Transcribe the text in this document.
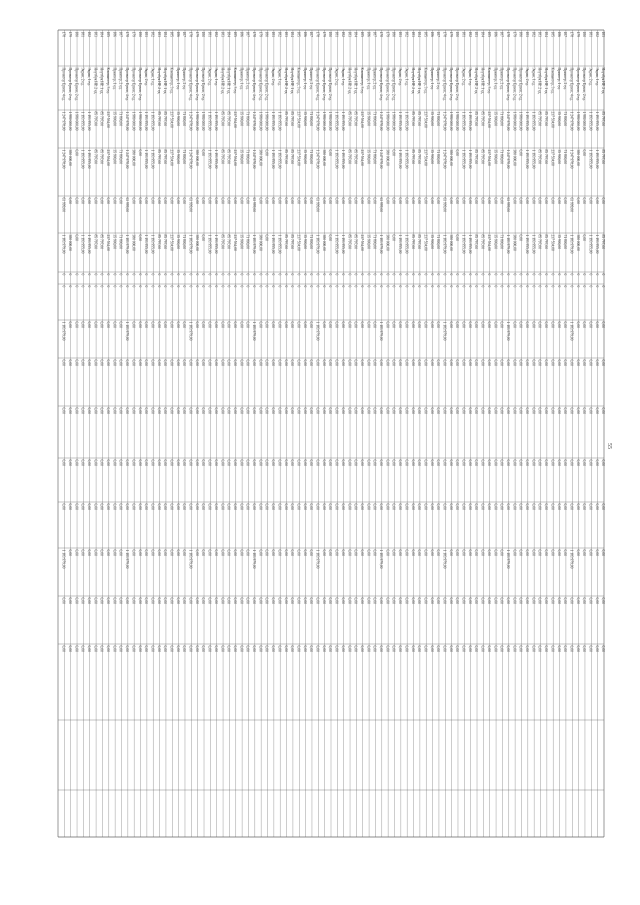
178
Проектор Epson, 4 ед.
1 247 978,00
1 247 978,00
63 999,00
1 183 979,00
0
0
1 183 979,00
0,00
0,00
0,00
0,00
1 183 979,00
0,00
0,00
179
Проектор Epson, 2 ед.
1 980 000,00
380 000,00
0,00
380 000,00
0
0
0,00
0,00
0,00
0,00
0,00
0,00
0,00
0,00
180
Проектор Epson, 2 ед.
1 980 000,00
0,00
0,00
0,00
0
0
0,00
0,00
0,00
0,00
0,00
0,00
0,00
0,00
181
Экран, 2 ед.
1 193 955,00
1 193 955,00
0,00
1 193 955,00
0
0
0,00
0,00
0,00
0,00
0,00
0,00
0,00
0,00
182
Экран, 1 ед.
1 193 955,00
1 193 955,00
0,00
1 193 955,00
0
0
0,00
0,00
0,00
0,00
0,00
0,00
0,00
0,00
183
Ноутбук HP, 2 ед.
85 797,00
85 797,00
0,00
85 797,00
0
0
0,00
0,00
0,00
0,00
0,00
0,00
0,00
0,00
184
Ноутбук HP, 1 ед.
85 797,00
85 797,00
0,00
85 797,00
0
0
0,00
0,00
0,00
0,00
0,00
0,00
0,00
0,00
185
Компьютер, 3 ед.
237 534,00
237 534,00
0,00
237 534,00
0
0
0,00
0,00
0,00
0,00
0,00
0,00
0,00
0,00
186
Принтер, 1 ед.
35 900,00
35 900,00
0,00
35 900,00
0
0
0,00
0,00
0,00
0,00
0,00
0,00
0,00
0,00
187
Принтер, 2 ед.
71 800,00
71 800,00
0,00
71 800,00
0
0
0,00
0,00
0,00
0,00
0,00
0,00
0,00
0,00
178
Проектор Epson, 4 ед.
1 247 978,00
1 247 978,00
63 999,00
1 183 979,00
0
0
1 183 979,00
0,00
0,00
0,00
0,00
1 183 979,00
0,00
0,00
179
Проектор Epson, 2 ед.
1 980 000,00
380 000,00
0,00
380 000,00
0
0
0,00
0,00
0,00
0,00
0,00
0,00
0,00
0,00
180
Проектор Epson, 2 ед.
1 980 000,00
0,00
0,00
0,00
0
0
0,00
0,00
0,00
0,00
0,00
0,00
0,00
0,00
181
Экран, 2 ед.
1 193 955,00
1 193 955,00
0,00
1 193 955,00
0
0
0,00
0,00
0,00
0,00
0,00
0,00
0,00
0,00
182
Экран, 1 ед.
1 193 955,00
1 193 955,00
0,00
1 193 955,00
0
0
0,00
0,00
0,00
0,00
0,00
0,00
0,00
0,00
183
Ноутбук HP, 2 ед.
85 797,00
85 797,00
0,00
85 797,00
0
0
0,00
0,00
0,00
0,00
0,00
0,00
0,00
0,00
184
Ноутбук HP, 1 ед.
85 797,00
85 797,00
0,00
85 797,00
0
0
0,00
0,00
0,00
0,00
0,00
0,00
0,00
0,00
185
Компьютер, 3 ед.
237 534,00
237 534,00
0,00
237 534,00
0
0
0,00
0,00
0,00
0,00
0,00
0,00
0,00
0,00
186
Принтер, 1 ед.
35 900,00
35 900,00
0,00
35 900,00
0
0
0,00
0,00
0,00
0,00
0,00
0,00
0,00
0,00
187
Принтер, 2 ед.
71 800,00
71 800,00
0,00
71 800,00
0
0
0,00
0,00
0,00
0,00
0,00
0,00
0,00
0,00
178
Проектор Epson, 4 ед.
1 247 978,00
1 247 978,00
63 999,00
1 183 979,00
0
0
1 183 979,00
0,00
0,00
0,00
0,00
1 183 979,00
0,00
0,00
179
Проектор Epson, 2 ед.
1 980 000,00
380 000,00
0,00
380 000,00
0
0
0,00
0,00
0,00
0,00
0,00
0,00
0,00
0,00
180
Проектор Epson, 2 ед.
1 980 000,00
0,00
0,00
0,00
0
0
0,00
0,00
0,00
0,00
0,00
0,00
0,00
0,00
181
Экран, 2 ед.
1 193 955,00
1 193 955,00
0,00
1 193 955,00
0
0
0,00
0,00
0,00
0,00
0,00
0,00
0,00
0,00
182
Экран, 1 ед.
1 193 955,00
1 193 955,00
0,00
1 193 955,00
0
0
0,00
0,00
0,00
0,00
0,00
0,00
0,00
0,00
183
Ноутбук HP, 2 ед.
85 797,00
85 797,00
0,00
85 797,00
0
0
0,00
0,00
0,00
0,00
0,00
0,00
0,00
0,00
184
Ноутбук HP, 1 ед.
85 797,00
85 797,00
0,00
85 797,00
0
0
0,00
0,00
0,00
0,00
0,00
0,00
0,00
0,00
185
Компьютер, 3 ед.
237 534,00
237 534,00
0,00
237 534,00
0
0
0,00
0,00
0,00
0,00
0,00
0,00
0,00
0,00
186
Принтер, 1 ед.
35 900,00
35 900,00
0,00
35 900,00
0
0
0,00
0,00
0,00
0,00
0,00
0,00
0,00
0,00
187
Принтер, 2 ед.
71 800,00
71 800,00
0,00
71 800,00
0
0
0,00
0,00
0,00
0,00
0,00
0,00
0,00
0,00
178
Проектор Epson, 4 ед.
1 247 978,00
1 247 978,00
63 999,00
1 183 979,00
0
0
1 183 979,00
0,00
0,00
0,00
0,00
1 183 979,00
0,00
0,00
179
Проектор Epson, 2 ед.
1 980 000,00
380 000,00
0,00
380 000,00
0
0
0,00
0,00
0,00
0,00
0,00
0,00
0,00
0,00
180
Проектор Epson, 2 ед.
1 980 000,00
0,00
0,00
0,00
0
0
0,00
0,00
0,00
0,00
0,00
0,00
0,00
0,00
181
Экран, 2 ед.
1 193 955,00
1 193 955,00
0,00
1 193 955,00
0
0
0,00
0,00
0,00
0,00
0,00
0,00
0,00
0,00
182
Экран, 1 ед.
1 193 955,00
1 193 955,00
0,00
1 193 955,00
0
0
0,00
0,00
0,00
0,00
0,00
0,00
0,00
0,00
183
Ноутбук HP, 2 ед.
85 797,00
85 797,00
0,00
85 797,00
0
0
0,00
0,00
0,00
0,00
0,00
0,00
0,00
0,00
184
Ноутбук HP, 1 ед.
85 797,00
85 797,00
0,00
85 797,00
0
0
0,00
0,00
0,00
0,00
0,00
0,00
0,00
0,00
185
Компьютер, 3 ед.
237 534,00
237 534,00
0,00
237 534,00
0
0
0,00
0,00
0,00
0,00
0,00
0,00
0,00
0,00
186
Принтер, 1 ед.
35 900,00
35 900,00
0,00
35 900,00
0
0
0,00
0,00
0,00
0,00
0,00
0,00
0,00
0,00
187
Принтер, 2 ед.
71 800,00
71 800,00
0,00
71 800,00
0
0
0,00
0,00
0,00
0,00
0,00
0,00
0,00
0,00
178
Проектор Epson, 4 ед.
1 247 978,00
1 247 978,00
63 999,00
1 183 979,00
0
0
1 183 979,00
0,00
0,00
0,00
0,00
1 183 979,00
0,00
0,00
179
Проектор Epson, 2 ед.
1 980 000,00
380 000,00
0,00
380 000,00
0
0
0,00
0,00
0,00
0,00
0,00
0,00
0,00
0,00
180
Проектор Epson, 2 ед.
1 980 000,00
0,00
0,00
0,00
0
0
0,00
0,00
0,00
0,00
0,00
0,00
0,00
0,00
181
Экран, 2 ед.
1 193 955,00
1 193 955,00
0,00
1 193 955,00
0
0
0,00
0,00
0,00
0,00
0,00
0,00
0,00
0,00
182
Экран, 1 ед.
1 193 955,00
1 193 955,00
0,00
1 193 955,00
0
0
0,00
0,00
0,00
0,00
0,00
0,00
0,00
0,00
183
Ноутбук HP, 2 ед.
85 797,00
85 797,00
0,00
85 797,00
0
0
0,00
0,00
0,00
0,00
0,00
0,00
0,00
0,00
184
Ноутбук HP, 1 ед.
85 797,00
85 797,00
0,00
85 797,00
0
0
0,00
0,00
0,00
0,00
0,00
0,00
0,00
0,00
185
Компьютер, 3 ед.
237 534,00
237 534,00
0,00
237 534,00
0
0
0,00
0,00
0,00
0,00
0,00
0,00
0,00
0,00
186
Принтер, 1 ед.
35 900,00
35 900,00
0,00
35 900,00
0
0
0,00
0,00
0,00
0,00
0,00
0,00
0,00
0,00
187
Принтер, 2 ед.
71 800,00
71 800,00
0,00
71 800,00
0
0
0,00
0,00
0,00
0,00
0,00
0,00
0,00
0,00
178
Проектор Epson, 4 ед.
1 247 978,00
1 247 978,00
63 999,00
1 183 979,00
0
0
1 183 979,00
0,00
0,00
0,00
0,00
1 183 979,00
0,00
0,00
179
Проектор Epson, 2 ед.
1 980 000,00
380 000,00
0,00
380 000,00
0
0
0,00
0,00
0,00
0,00
0,00
0,00
0,00
0,00
180
Проектор Epson, 2 ед.
1 980 000,00
0,00
0,00
0,00
0
0
0,00
0,00
0,00
0,00
0,00
0,00
0,00
0,00
181
Экран, 2 ед.
1 193 955,00
1 193 955,00
0,00
1 193 955,00
0
0
0,00
0,00
0,00
0,00
0,00
0,00
0,00
0,00
182
Экран, 1 ед.
1 193 955,00
1 193 955,00
0,00
1 193 955,00
0
0
0,00
0,00
0,00
0,00
0,00
0,00
0,00
0,00
183
Ноутбук HP, 2 ед.
85 797,00
85 797,00
0,00
85 797,00
0
0
0,00
0,00
0,00
0,00
0,00
0,00
0,00
0,00
184
Ноутбук HP, 1 ед.
85 797,00
85 797,00
0,00
85 797,00
0
0
0,00
0,00
0,00
0,00
0,00
0,00
0,00
0,00
185
Компьютер, 3 ед.
237 534,00
237 534,00
0,00
237 534,00
0
0
0,00
0,00
0,00
0,00
0,00
0,00
0,00
0,00
186
Принтер, 1 ед.
35 900,00
35 900,00
0,00
35 900,00
0
0
0,00
0,00
0,00
0,00
0,00
0,00
0,00
0,00
187
Принтер, 2 ед.
71 800,00
71 800,00
0,00
71 800,00
0
0
0,00
0,00
0,00
0,00
0,00
0,00
0,00
0,00
178
Проектор Epson, 4 ед.
1 247 978,00
1 247 978,00
63 999,00
1 183 979,00
0
0
1 183 979,00
0,00
0,00
0,00
0,00
1 183 979,00
0,00
0,00
179
Проектор Epson, 2 ед.
1 980 000,00
380 000,00
0,00
380 000,00
0
0
0,00
0,00
0,00
0,00
0,00
0,00
0,00
0,00
180
Проектор Epson, 2 ед.
1 980 000,00
0,00
0,00
0,00
0
0
0,00
0,00
0,00
0,00
0,00
0,00
0,00
0,00
181
Экран, 2 ед.
1 193 955,00
1 193 955,00
0,00
1 193 955,00
0
0
0,00
0,00
0,00
0,00
0,00
0,00
0,00
0,00
182
Экран, 1 ед.
1 193 955,00
1 193 955,00
0,00
1 193 955,00
0
0
0,00
0,00
0,00
0,00
0,00
0,00
0,00
0,00
183
Ноутбук HP, 2 ед.
85 797,00
85 797,00
0,00
85 797,00
0
0
0,00
0,00
0,00
0,00
0,00
0,00
0,00
0,00
184
Ноутбук HP, 1 ед.
85 797,00
85 797,00
0,00
85 797,00
0
0
0,00
0,00
0,00
0,00
0,00
0,00
0,00
0,00
185
Компьютер, 3 ед.
237 534,00
237 534,00
0,00
237 534,00
0
0
0,00
0,00
0,00
0,00
0,00
0,00
0,00
0,00
186
Принтер, 1 ед.
35 900,00
35 900,00
0,00
35 900,00
0
0
0,00
0,00
0,00
0,00
0,00
0,00
0,00
0,00
187
Принтер, 2 ед.
71 800,00
71 800,00
0,00
71 800,00
0
0
0,00
0,00
0,00
0,00
0,00
0,00
0,00
0,00
178
Проектор Epson, 4 ед.
1 247 978,00
1 247 978,00
63 999,00
1 183 979,00
0
0
1 183 979,00
0,00
0,00
0,00
0,00
1 183 979,00
0,00
0,00
179
Проектор Epson, 2 ед.
1 980 000,00
380 000,00
0,00
380 000,00
0
0
0,00
0,00
0,00
0,00
0,00
0,00
0,00
0,00
180
Проектор Epson, 2 ед.
1 980 000,00
0,00
0,00
0,00
0
0
0,00
0,00
0,00
0,00
0,00
0,00
0,00
0,00
181
Экран, 2 ед.
1 193 955,00
1 193 955,00
0,00
1 193 955,00
0
0
0,00
0,00
0,00
0,00
0,00
0,00
0,00
0,00
182
Экран, 1 ед.
1 193 955,00
1 193 955,00
0,00
1 193 955,00
0
0
0,00
0,00
0,00
0,00
0,00
0,00
0,00
0,00
183
Ноутбук HP, 2 ед.
85 797,00
85 797,00
0,00
85 797,00
0
0
0,00
0,00
0,00
0,00
0,00
0,00
0,00
0,00
184
Ноутбук HP, 1 ед.
85 797,00
85 797,00
0,00
85 797,00
0
0
0,00
0,00
0,00
0,00
0,00
0,00
0,00
0,00
185
Компьютер, 3 ед.
237 534,00
237 534,00
0,00
237 534,00
0
0
0,00
0,00
0,00
0,00
0,00
0,00
0,00
0,00
186
Принтер, 1 ед.
35 900,00
35 900,00
0,00
35 900,00
0
0
0,00
0,00
0,00
0,00
0,00
0,00
0,00
0,00
187
Принтер, 2 ед.
71 800,00
71 800,00
0,00
71 800,00
0
0
0,00
0,00
0,00
0,00
0,00
0,00
0,00
0,00
178
Проектор Epson, 4 ед.
1 247 978,00
1 247 978,00
63 999,00
1 183 979,00
0
0
1 183 979,00
0,00
0,00
0,00
0,00
1 183 979,00
0,00
0,00
179
Проектор Epson, 2 ед.
1 980 000,00
380 000,00
0,00
380 000,00
0
0
0,00
0,00
0,00
0,00
0,00
0,00
0,00
0,00
180
Проектор Epson, 2 ед.
1 980 000,00
0,00
0,00
0,00
0
0
0,00
0,00
0,00
0,00
0,00
0,00
0,00
0,00
181
Экран, 2 ед.
1 193 955,00
1 193 955,00
0,00
1 193 955,00
0
0
0,00
0,00
0,00
0,00
0,00
0,00
0,00
0,00
182
Экран, 1 ед.
1 193 955,00
1 193 955,00
0,00
1 193 955,00
0
0
0,00
0,00
0,00
0,00
0,00
0,00
0,00
0,00
183
Ноутбук HP, 2 ед.
85 797,00
85 797,00
0,00
85 797,00
0
0
0,00
0,00
0,00
0,00
0,00
0,00
0,00
0,00
55
